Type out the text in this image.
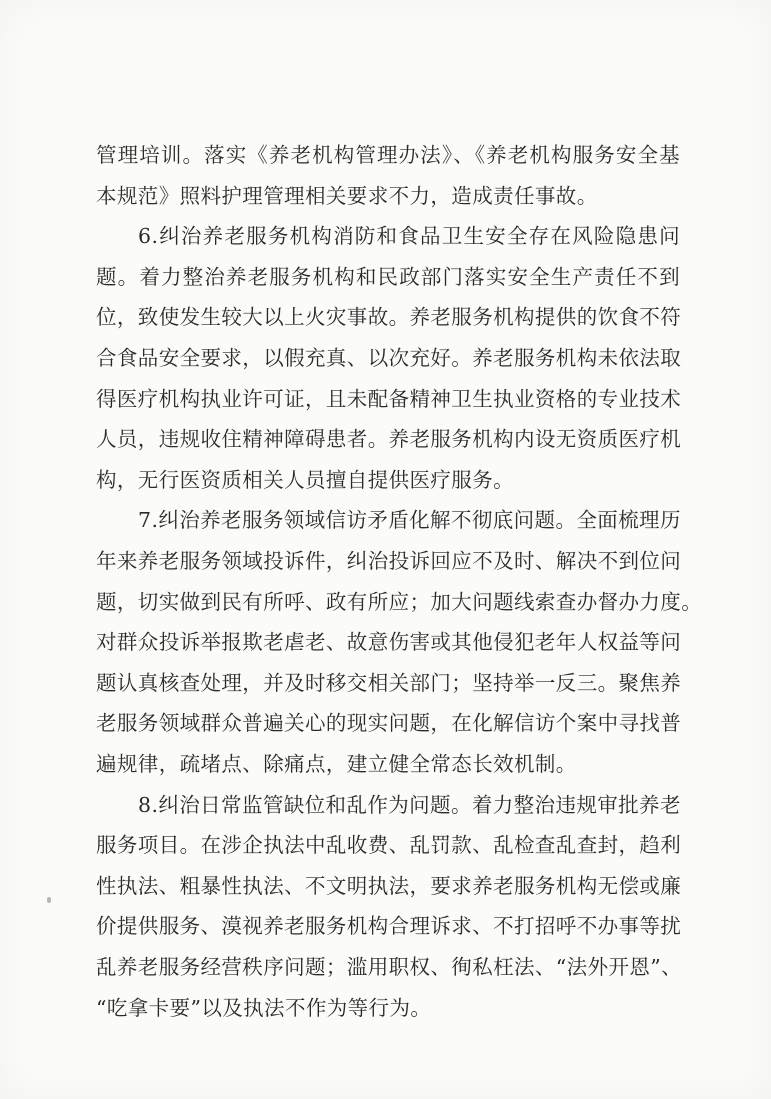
管理培训。落实《养老机构管理办法》、《养老机构服务安全基
本规范》照料护理管理相关要求不力，造成责任事故。
6.纠治养老服务机构消防和食品卫生安全存在风险隐患问
题。着力整治养老服务机构和民政部门落实安全生产责任不到
位，致使发生较大以上火灾事故。养老服务机构提供的饮食不符
合食品安全要求，以假充真、以次充好。养老服务机构未依法取
得医疗机构执业许可证，且未配备精神卫生执业资格的专业技术
人员，违规收住精神障碍患者。养老服务机构内设无资质医疗机
构，无行医资质相关人员擅自提供医疗服务。
7.纠治养老服务领域信访矛盾化解不彻底问题。全面梳理历
年来养老服务领域投诉件，纠治投诉回应不及时、解决不到位问
题，切实做到民有所呼、政有所应；加大问题线索查办督办力度。
对群众投诉举报欺老虐老、故意伤害或其他侵犯老年人权益等问
题认真核查处理，并及时移交相关部门；坚持举一反三。聚焦养
老服务领域群众普遍关心的现实问题，在化解信访个案中寻找普
遍规律，疏堵点、除痛点，建立健全常态长效机制。
8.纠治日常监管缺位和乱作为问题。着力整治违规审批养老
服务项目。在涉企执法中乱收费、乱罚款、乱检查乱查封，趋利
性执法、粗暴性执法、不文明执法，要求养老服务机构无偿或廉
价提供服务、漠视养老服务机构合理诉求、不打招呼不办事等扰
乱养老服务经营秩序问题；滥用职权、徇私枉法、“法外开恩”、
“吃拿卡要”以及执法不作为等行为。
